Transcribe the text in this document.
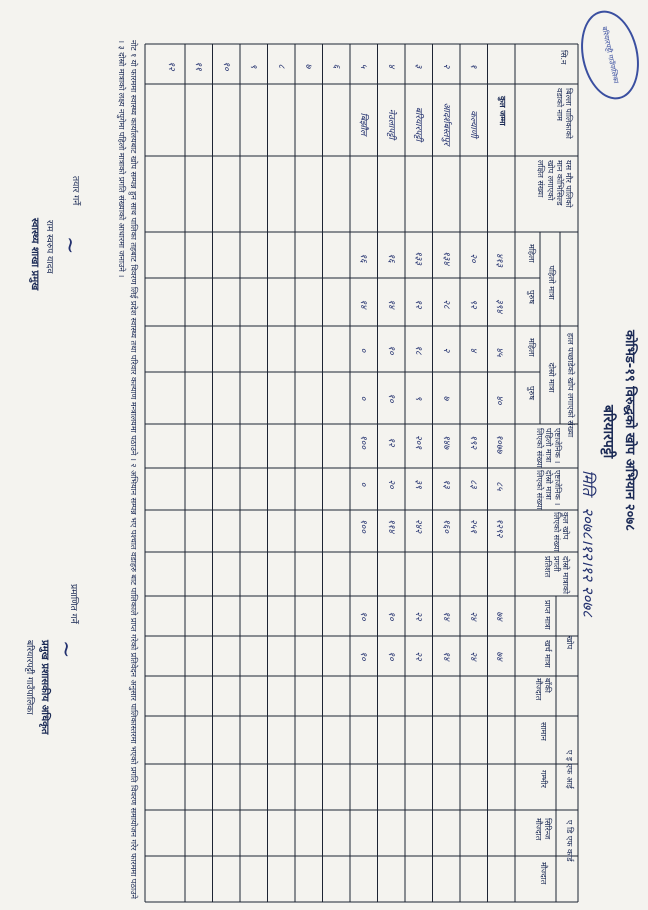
बरियारपट्टी गाउँपालिका
कोभिड-१९ विरुद्धको खोप अभियान २०७८
बरियारपट्टी
मिति २०७८।१२।१२ २०७८
सि.न
बिल्ला पालिकाको वडाको नाम
यस मौर पालिको मान कोभिसिल्ड खोप लगाएको लक्षित संख्या
हाल पच्छाडेको खोप लगाएको संख्या
पहिलो मात्रा
दोस्रो मात्रा
महिला
पुरुष
महिला
पुरुष
एष्टाजेनिक । पहिलो मात्रा लिएको संख्या
एष्टाजेनिक । दोस्रो मात्रा लिएको संख्या
कुल खोप लिएको संख्या
दोस्रो मात्राको प्रगती प्रतिशत
खोप
प्राप्त मात्रा
खर्च मात्रा
बाँकी मौज्दात
ए इ एफ आई
सामान
गम्भीर
ए डि एफ कार्ड
सिरिन्ज मौज्दात
मौज्दात
१
कल्याणी
२०
९२
४
१९२
८३
२५१
२४
२४
२
आदर्शबस्तपुर
१३४
२८
२
७
१४७
१३
१६०
१४
१४
३
बरियारपट्टी
१३३
१२
१८
९
२०१
३९
२४२
२२
२२
४
नेउलापट्टी
१६
१४
१०
१०
१२
२०
११४
१०
१०
५
बिझौल
१६
१४
०
०
१००
०
१००
१०
१०
६
७
८
९
१०
११
१२
कुल जम्मा
४१३
३९४
४५
४०
१०७७
८५
१२९२
७४
७४
नोट १ यो फारममा स्वास्थ्य कार्यालयबाट खोप सम्पन्न हुन साथ पालिका तहबाट विवरण लिई प्रदेश स्वास्थ्य तथा परिवार कल्याण मन्त्रालयमा पठाउने । २ अभियान सम्पन्न भए पश्चात वडाहरु बाट पालिकाले प्राप्त गरेको प्रतिवेदन अनुसार पालिकास्तरमा भएको प्रगति विवरण समायोजन गरेर फारममा पठाउने । ३ दोस्रो मात्राको लक्ष्य नपुगेमा पहिलो मात्राको प्रगति संख्याको आधारमा जनाउने ।
तयार गर्ने
~
राम स्वरुप यादव
स्वास्थ्य शाखा प्रमुख
प्रमाणित गर्ने
~
प्रमुख प्रशासकीय अधिकृत
बरियारपट्टी गाउँपालिका
